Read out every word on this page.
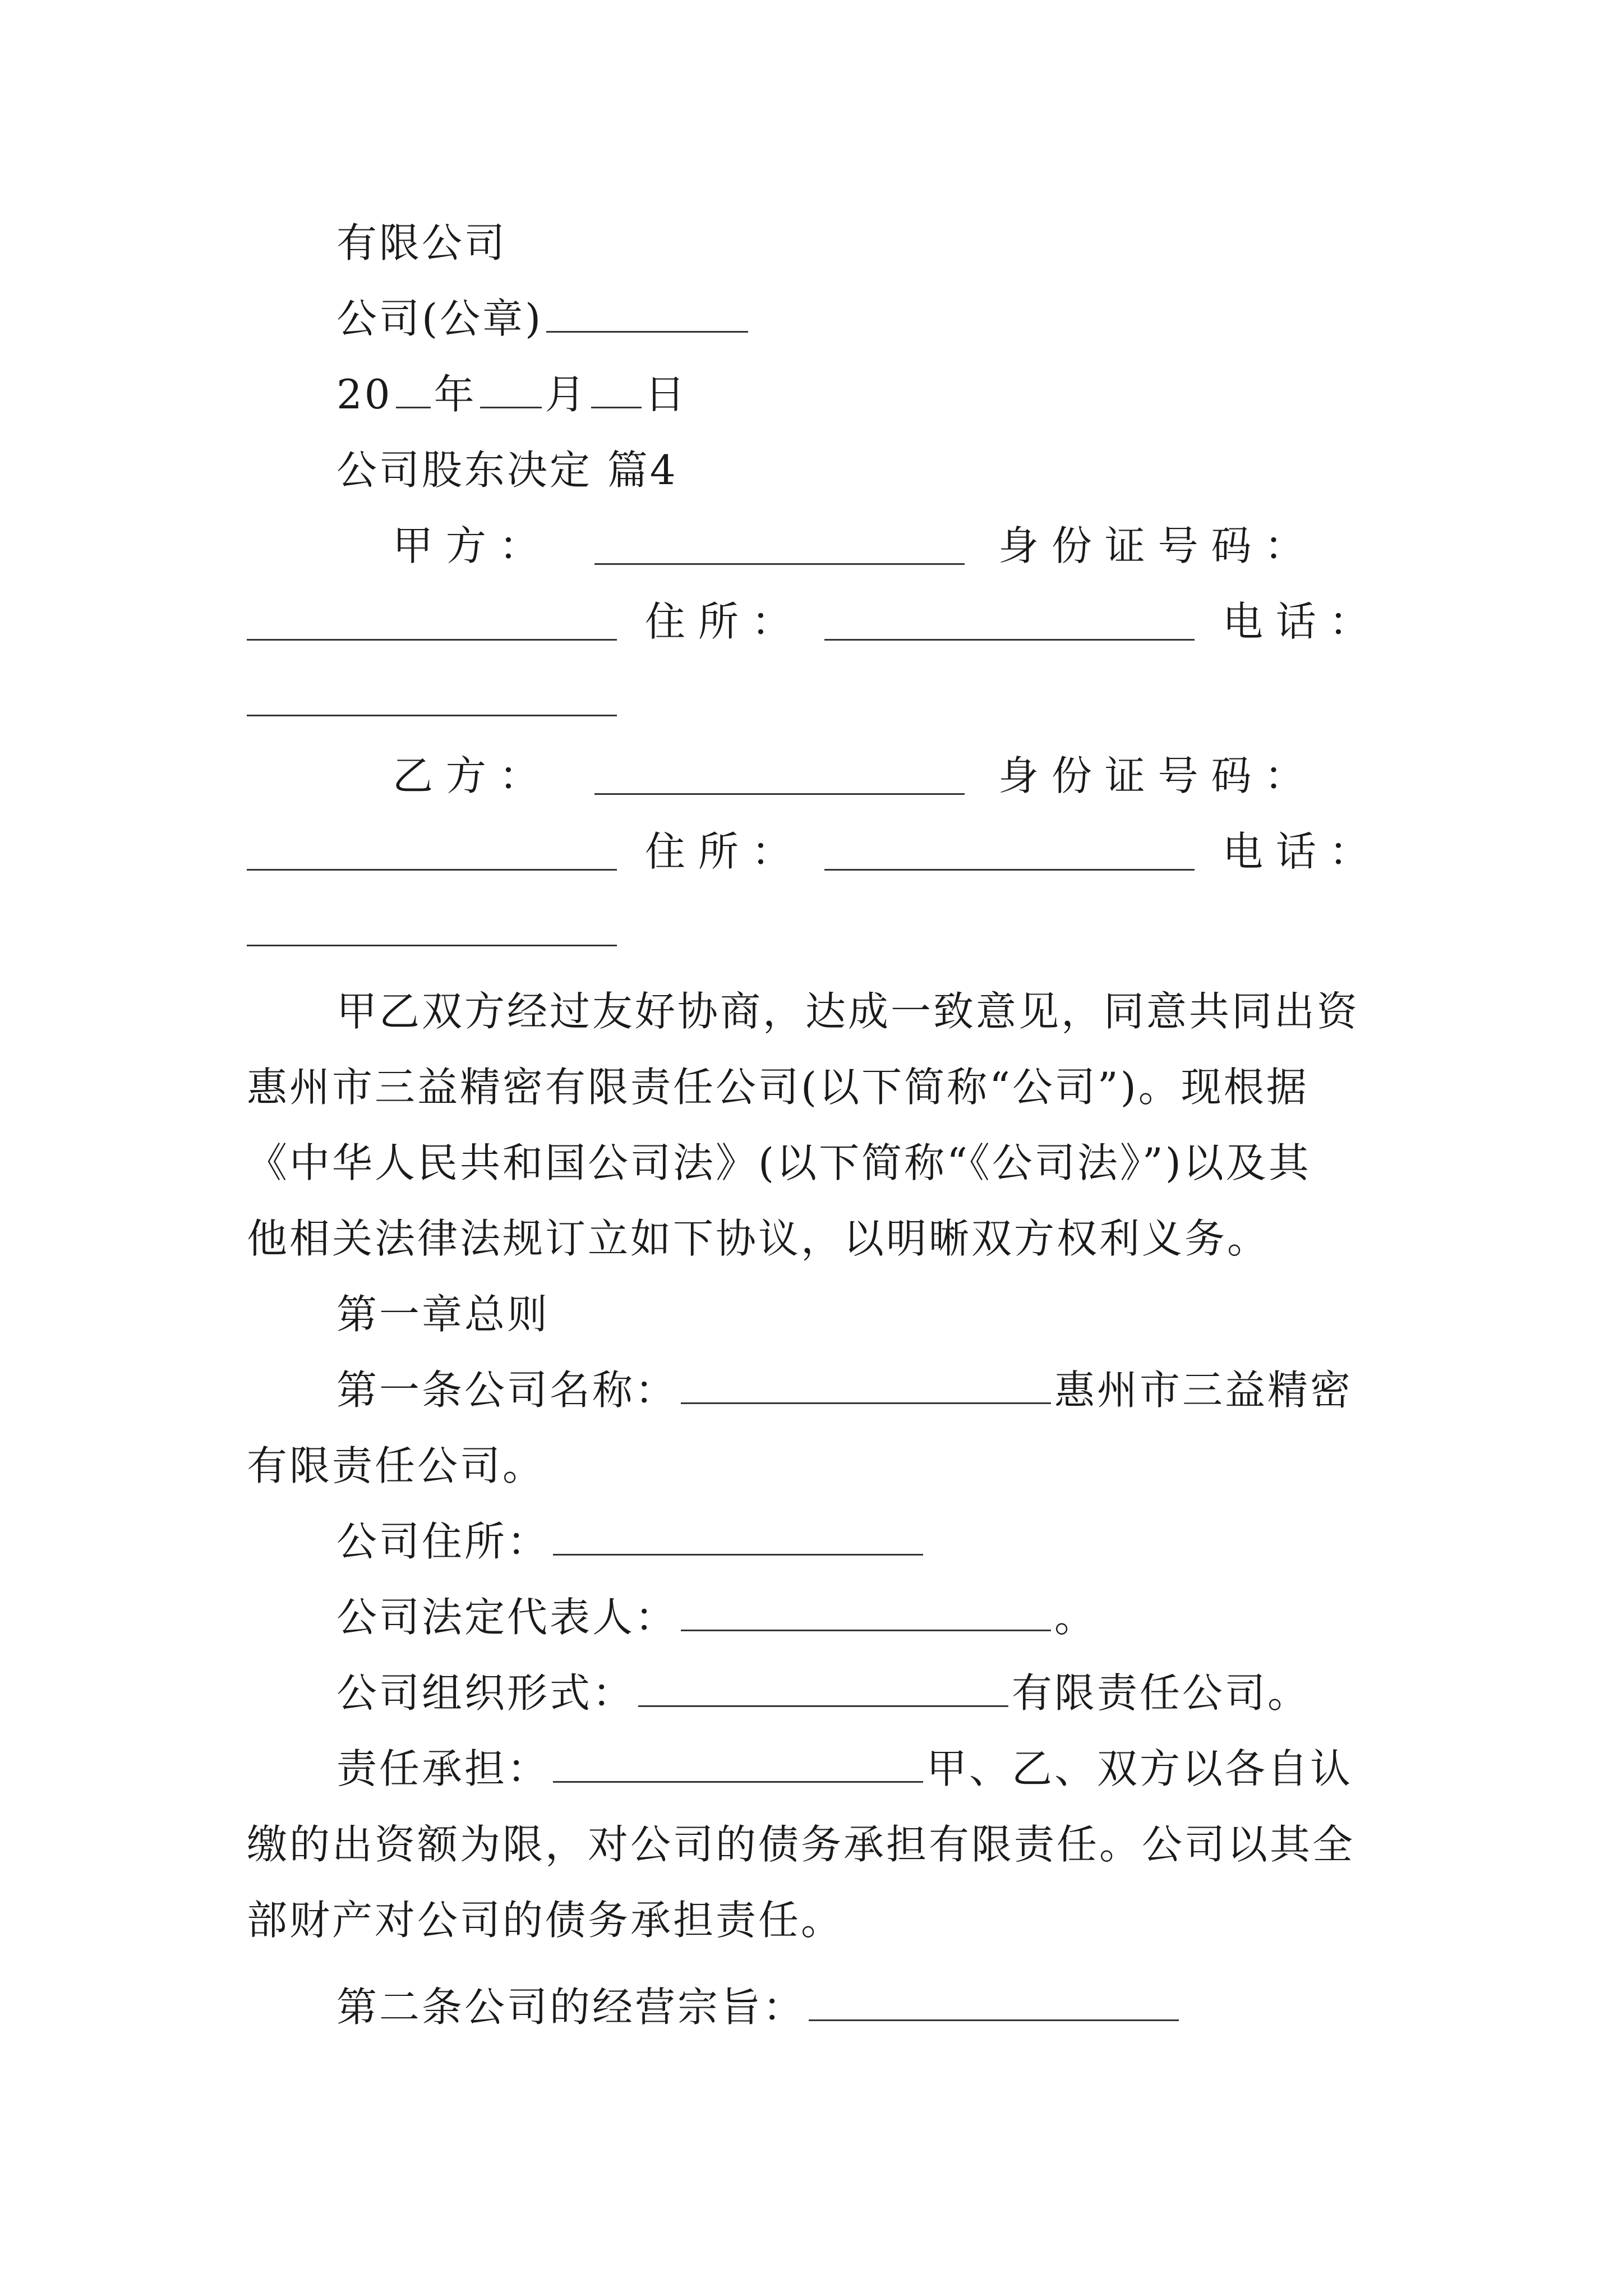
有限公司
公司(公章)
20 年 月 日
公司股东决定 篇4
甲 方 ：	身 份 证 号 码 ：
住 所 ：	电 话 ：
乙 方 ：	身 份 证 号 码 ：
住 所 ：	电 话 ：
甲乙双方经过友好协商，达成一致意见，同意共同出资
惠州市三益精密有限责任公司(以下简称“公司”)。现根据
《中华人民共和国公司法》(以下简称“《公司法》”)以及其
他相关法律法规订立如下协议，以明晰双方权利义务。
第一章总则
第一条公司名称：	惠州市三益精密
有限责任公司。
公司住所：
公司法定代表人：	。
公司组织形式：	有限责任公司。
责任承担：	甲、乙、双方以各自认
缴的出资额为限，对公司的债务承担有限责任。公司以其全
部财产对公司的债务承担责任。
第二条公司的经营宗旨：
